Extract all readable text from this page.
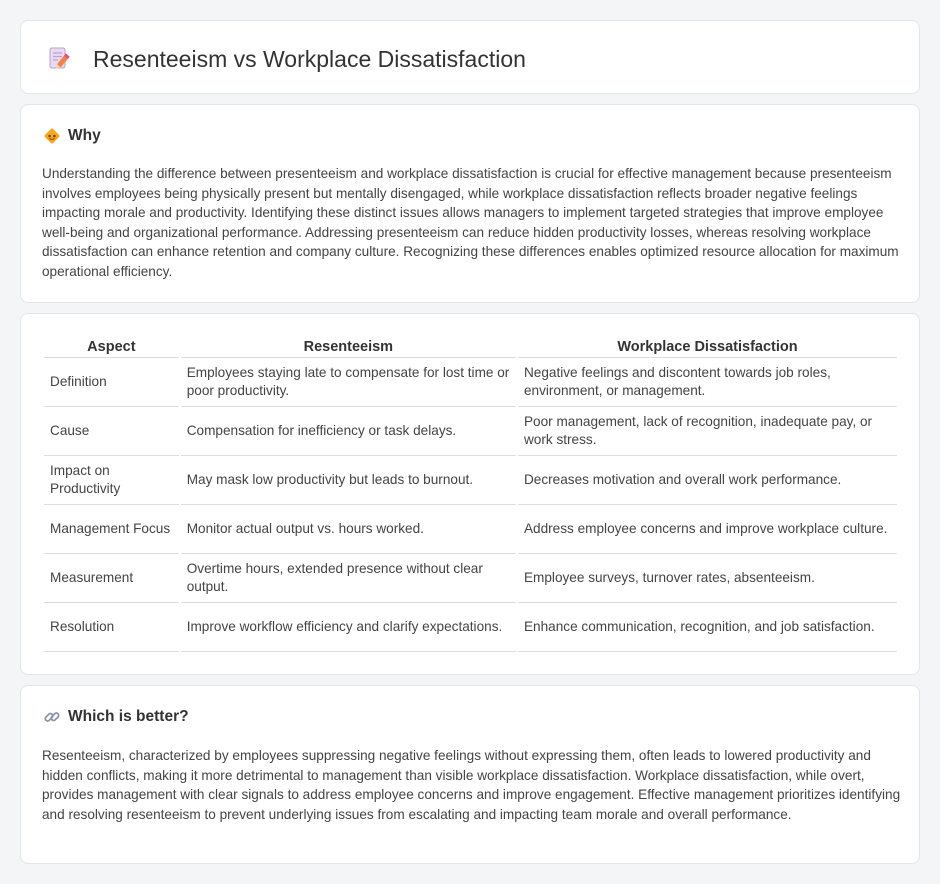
Resenteeism vs Workplace Dissatisfaction
Why

Understanding the difference between presenteeism and workplace dissatisfaction is crucial for effective management because presenteeism involves employees being physically present but mentally disengaged, while workplace dissatisfaction reflects broader negative feelings impacting morale and productivity. Identifying these distinct issues allows managers to implement targeted strategies that improve employee well-being and organizational performance. Addressing presenteeism can reduce hidden productivity losses, whereas resolving workplace dissatisfaction can enhance retention and company culture. Recognizing these differences enables optimized resource allocation for maximum operational efficiency.

Aspect	Resenteeism	Workplace Dissatisfaction
Definition	Employees staying late to compensate for lost time or poor productivity.	Negative feelings and discontent towards job roles, environment, or management.
Cause	Compensation for inefficiency or task delays.	Poor management, lack of recognition, inadequate pay, or work stress.
Impact on Productivity	May mask low productivity but leads to burnout.	Decreases motivation and overall work performance.
Management Focus	Monitor actual output vs. hours worked.	Address employee concerns and improve workplace culture.
Measurement	Overtime hours, extended presence without clear output.	Employee surveys, turnover rates, absenteeism.
Resolution	Improve workflow efficiency and clarify expectations.	Enhance communication, recognition, and job satisfaction.
Which is better?

Resenteeism, characterized by employees suppressing negative feelings without expressing them, often leads to lowered productivity and hidden conflicts, making it more detrimental to management than visible workplace dissatisfaction. Workplace dissatisfaction, while overt, provides management with clear signals to address employee concerns and improve engagement. Effective management prioritizes identifying and resolving resenteeism to prevent underlying issues from escalating and impacting team morale and overall performance.
